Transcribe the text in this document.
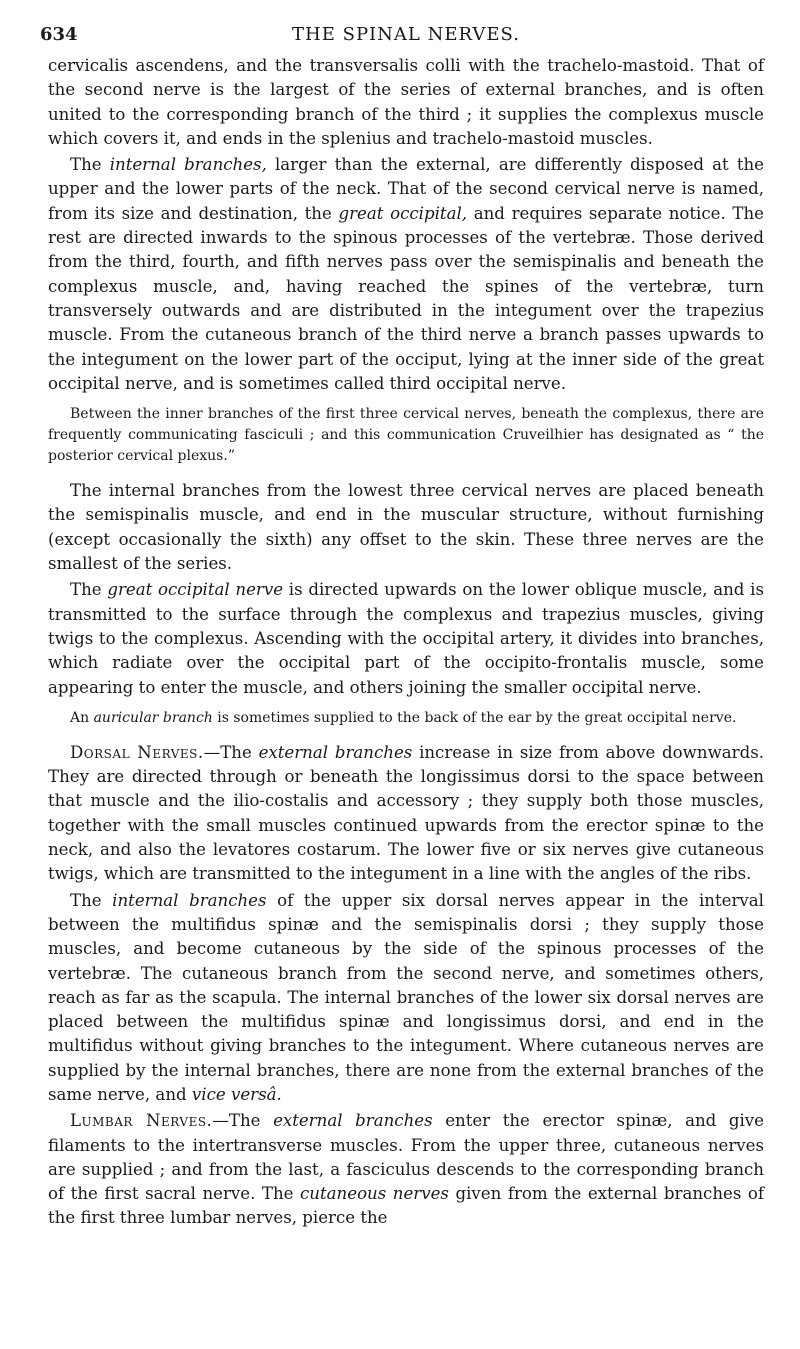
634	THE SPINAL NERVES.

cervicalis ascendens, and the transversalis colli with the trachelo-mastoid. That of the second nerve is the largest of the series of external branches, and is often united to the corresponding branch of the third ; it supplies the complexus muscle which covers it, and ends in the splenius and trachelo-mastoid muscles.

The internal branches, larger than the external, are differently disposed at the upper and the lower parts of the neck. That of the second cervical nerve is named, from its size and destination, the great occipital, and requires separate notice. The rest are directed inwards to the spinous processes of the vertebræ. Those derived from the third, fourth, and fifth nerves pass over the semispinalis and beneath the complexus muscle, and, having reached the spines of the vertebræ, turn transversely outwards and are distributed in the integument over the trapezius muscle. From the cutaneous branch of the third nerve a branch passes upwards to the integument on the lower part of the occiput, lying at the inner side of the great occipital nerve, and is sometimes called third occipital nerve.

Between the inner branches of the first three cervical nerves, beneath the complexus, there are frequently communicating fasciculi ; and this communication Cruveilhier has designated as “ the posterior cervical plexus.”

The internal branches from the lowest three cervical nerves are placed beneath the semispinalis muscle, and end in the muscular structure, without furnishing (except occasionally the sixth) any offset to the skin. These three nerves are the smallest of the series.

The great occipital nerve is directed upwards on the lower oblique muscle, and is transmitted to the surface through the complexus and trapezius muscles, giving twigs to the complexus. Ascending with the occipital artery, it divides into branches, which radiate over the occipital part of the occipito-frontalis muscle, some appearing to enter the muscle, and others joining the smaller occipital nerve.

An auricular branch is sometimes supplied to the back of the ear by the great occipital nerve.

Dorsal Nerves.—The external branches increase in size from above downwards. They are directed through or beneath the longissimus dorsi to the space between that muscle and the ilio-costalis and accessory ; they supply both those muscles, together with the small muscles continued upwards from the erector spinæ to the neck, and also the levatores costarum. The lower five or six nerves give cutaneous twigs, which are transmitted to the integument in a line with the angles of the ribs.

The internal branches of the upper six dorsal nerves appear in the interval between the multifidus spinæ and the semispinalis dorsi ; they supply those muscles, and become cutaneous by the side of the spinous processes of the vertebræ. The cutaneous branch from the second nerve, and sometimes others, reach as far as the scapula. The internal branches of the lower six dorsal nerves are placed between the multifidus spinæ and longissimus dorsi, and end in the multifidus without giving branches to the integument. Where cutaneous nerves are supplied by the internal branches, there are none from the external branches of the same nerve, and vice versâ.

Lumbar Nerves.—The external branches enter the erector spinæ, and give filaments to the intertransverse muscles. From the upper three, cutaneous nerves are supplied ; and from the last, a fasciculus descends to the corresponding branch of the first sacral nerve. The cutaneous nerves given from the external branches of the first three lumbar nerves, pierce the
